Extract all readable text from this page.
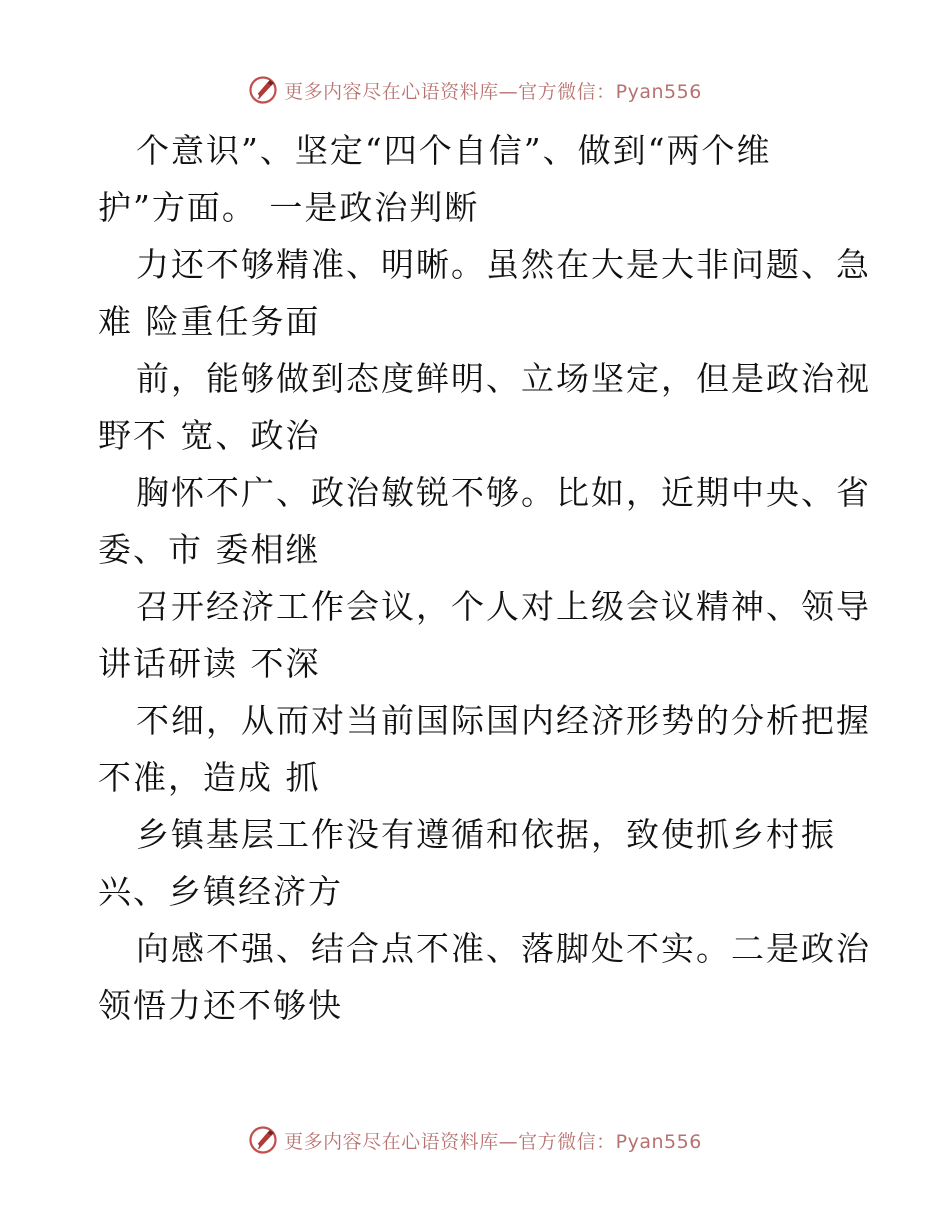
更多内容尽在心语资料库—官方微信：Pyan556

个意识”、坚定“四个自信”、做到“两个维

护”方面。 一是政治判断

力还不够精准、明晰。虽然在大是大非问题、急

难 险重任务面

前，能够做到态度鲜明、立场坚定，但是政治视

野不 宽、政治

胸怀不广、政治敏锐不够。比如，近期中央、省

委、市 委相继

召开经济工作会议，个人对上级会议精神、领导

讲话研读 不深

不细，从而对当前国际国内经济形势的分析把握

不准，造成 抓

乡镇基层工作没有遵循和依据，致使抓乡村振

兴、乡镇经济方

向感不强、结合点不准、落脚处不实。二是政治

领悟力还不够快

更多内容尽在心语资料库—官方微信：Pyan556
